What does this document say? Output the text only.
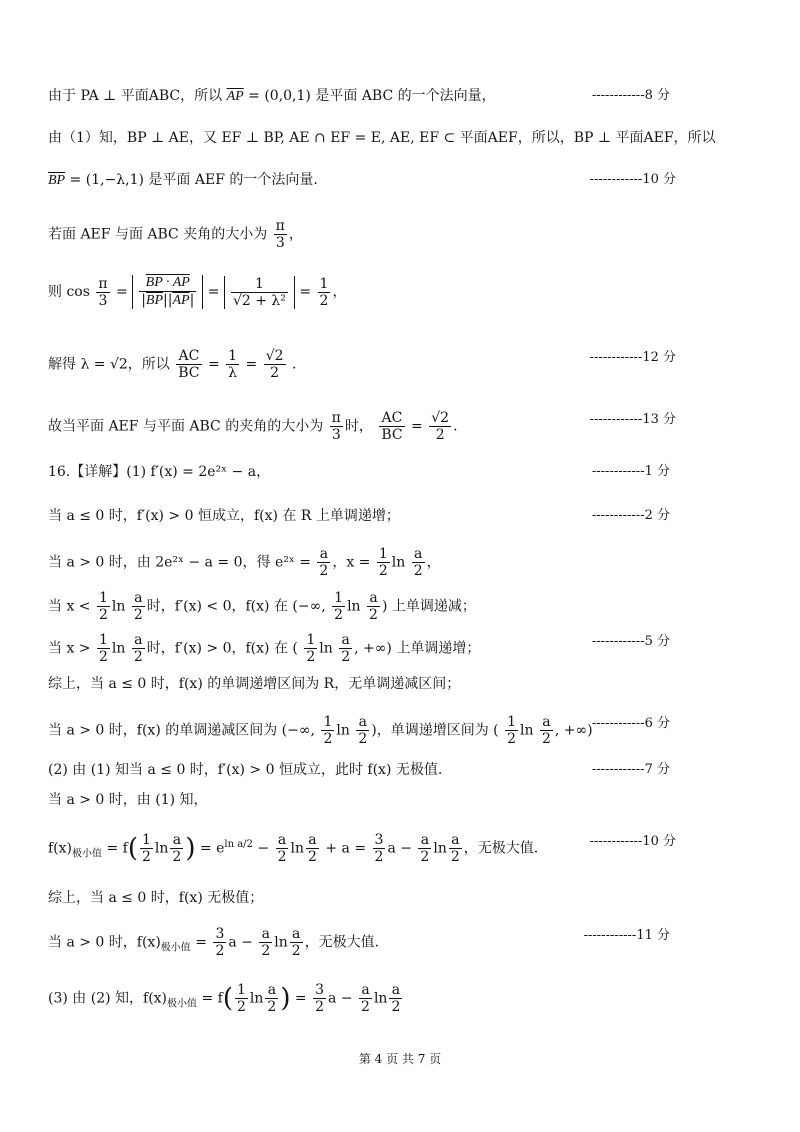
由于 PA ⊥ 平面ABC，所以 $\overline{AP} = (0,0,1)$ 是平面 ABC 的一个法向量，	------------8 分
由（1）知，BP ⊥ AE，又 EF ⊥ BP, AE ∩ EF = E, AE, EF ⊂ 平面AEF，所以，BP ⊥ 平面AEF，所以
$\overline{BP} = (1,-\lambda,1)$ 是平面 AEF 的一个法向量.	------------10 分
若面 AEF 与面 ABC 夹角的大小为 $\frac{\pi}{3}$ ，
则 $\cos \frac{\pi}{3} = \frac{BP \cdot AP}{|\overline{BP}||\overline{AP}|} = 1$
√ $2 + \lambda^2 = \frac{1}{2}$ ，
解得 λ = √2，所以 $\frac{AC}{BC} = \frac{1}{\lambda}$ = √ $\frac{2}{2}$ .	------------12 分
故当平面 AEF 与平面 ABC 的夹角的大小为 $\frac{\pi}{3}$ 时， $\frac{AC}{BC}$ = √ $\frac{2}{2}$ .	------------13 分
16.【详解】(1) f′(x) = 2e²ˣ − a，	------------1 分
当 a ≤ 0 时，f′(x) > 0 恒成立，f(x) 在 R 上单调递增；	------------2 分
当 a > 0 时，由 2e²ˣ − a = 0，得 e²ˣ = $\frac{a}{2}$ ，$x = \frac{1}{2}$ $\ln \frac{a}{2}$ ，
当 $x < \frac{1}{2}$ $\ln \frac{a}{2}$ 时，f′(x) < 0，f(x) 在 (−∞, $\frac{1}{2}$ $\ln \frac{a}{2}$ ) 上单调递减；
当 $x > \frac{1}{2}$ $\ln \frac{a}{2}$ 时，f′(x) > 0，f(x) 在 ( $\frac{1}{2}$ $\ln \frac{a}{2}$ , +∞) 上单调递增；	------------5 分
综上，当 a ≤ 0 时，f(x) 的单调递增区间为 R，无单调递减区间；
当 a > 0 时，f(x) 的单调递减区间为 (−∞, $\frac{1}{2}$ $\ln \frac{a}{2}$ )，单调递增区间为 ( $\frac{1}{2}$ $\ln \frac{a}{2}$ , +∞) ------------6 分
(2) 由 (1) 知当 a ≤ 0 时，f′(x) > 0 恒成立，此时 f(x) 无极值.	------------7 分
当 a > 0 时，由 (1) 知，
$f(x)_{极小值} = f( \frac{1}{2}$ $\ln \frac{a}{2}$ ) = $e^{ln a/2} - \frac{a}{2}$ $\ln \frac{a}{2} + a = \frac{3}{2}$ $a - \frac{a}{2}$ $\ln \frac{a}{2}$ ，无极大值.	------------10 分
综上，当 a ≤ 0 时，f(x) 无极值；
当 a > 0 时，$f(x)_{极小值} = \frac{3}{2}$ $a - \frac{a}{2}$ $\ln \frac{a}{2}$ ，无极大值.	------------11 分
(3) 由 (2) 知，$f(x)_{极小值} = f( \frac{1}{2}$ $\ln \frac{a}{2}$ ) = $\frac{3}{2}$ $a - \frac{a}{2}$ $\ln \frac{a}{2}$
第 4 页 共 7 页
